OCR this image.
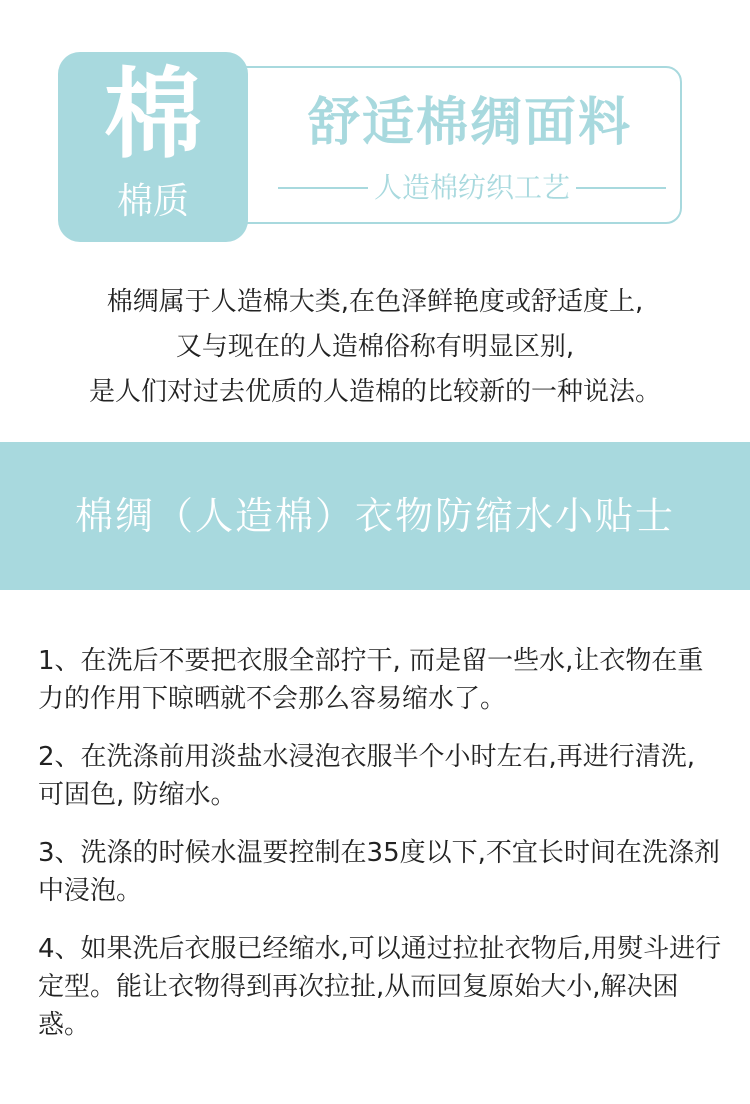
棉
棉质
舒适棉绸面料
人造棉纺织工艺

棉绸属于人造棉大类,在色泽鲜艳度或舒适度上,

又与现在的人造棉俗称有明显区别,

是人们对过去优质的人造棉的比较新的一种说法。

棉绸（人造棉）衣物防缩水小贴士

1、在洗后不要把衣服全部拧干, 而是留一些水,让衣物在重力的作用下晾晒就不会那么容易缩水了。

2、在洗涤前用淡盐水浸泡衣服半个小时左右,再进行清洗, 可固色, 防缩水。

3、洗涤的时候水温要控制在35度以下,不宜长时间在洗涤剂中浸泡。

4、如果洗后衣服已经缩水,可以通过拉扯衣物后,用熨斗进行定型。能让衣物得到再次拉扯,从而回复原始大小,解决困惑。
